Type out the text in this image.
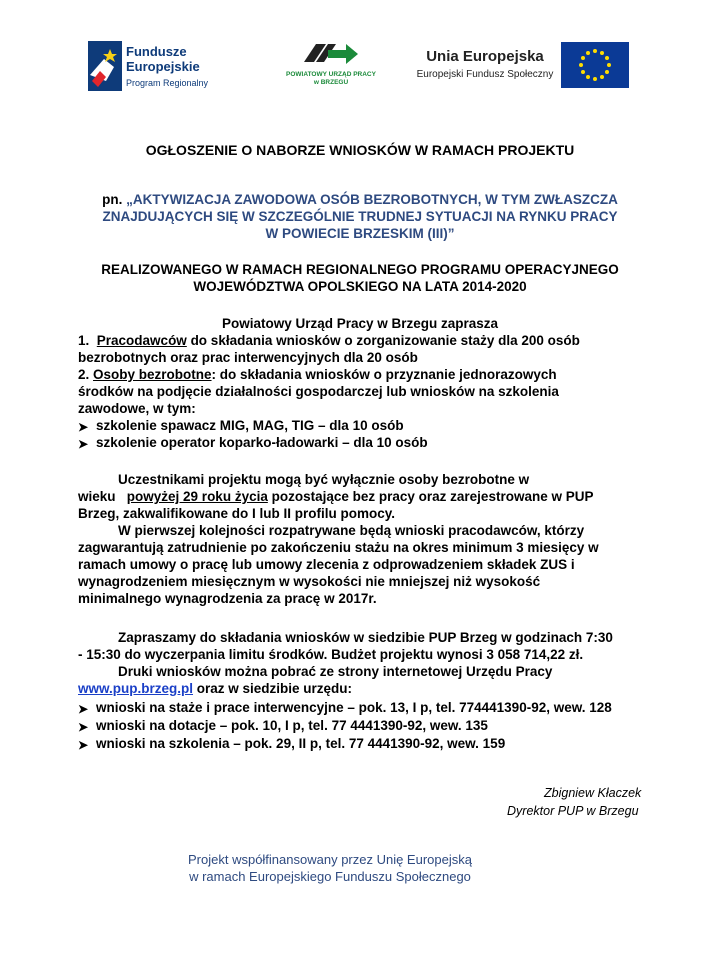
Fundusze
Europejskie
Program Regionalny
POWIATOWY URZĄD PRACY
w BRZEGU
Unia Europejska
Europejski Fundusz Społeczny
OGŁOSZENIE O NABORZE WNIOSKÓW W RAMACH PROJEKTU
pn. „AKTYWIZACJA ZAWODOWA OSÓB BEZROBOTNYCH, W TYM ZWŁASZCZA
ZNAJDUJĄCYCH SIĘ W SZCZEGÓLNIE TRUDNEJ SYTUACJI NA RYNKU PRACY
W POWIECIE BRZESKIM (III)”
REALIZOWANEGO W RAMACH REGIONALNEGO PROGRAMU OPERACYJNEGO
WOJEWÓDZTWA OPOLSKIEGO NA LATA 2014-2020
Powiatowy Urząd Pracy w Brzegu zaprasza
1. Pracodawców do składania wniosków o zorganizowanie staży dla 200 osób
bezrobotnych oraz prac interwencyjnych dla 20 osób
2. Osoby bezrobotne: do składania wniosków o przyznanie jednorazowych
środków na podjęcie działalności gospodarczej lub wniosków na szkolenia
zawodowe, w tym:
➤ szkolenie spawacz MIG, MAG, TIG – dla 10 osób
➤ szkolenie operator koparko-ładowarki – dla 10 osób
Uczestnikami projektu mogą być wyłącznie osoby bezrobotne w
wieku powyżej 29 roku życia pozostające bez pracy oraz zarejestrowane w PUP
Brzeg, zakwalifikowane do I lub II profilu pomocy.
W pierwszej kolejności rozpatrywane będą wnioski pracodawców, którzy
zagwarantują zatrudnienie po zakończeniu stażu na okres minimum 3 miesięcy w
ramach umowy o pracę lub umowy zlecenia z odprowadzeniem składek ZUS i
wynagrodzeniem miesięcznym w wysokości nie mniejszej niż wysokość
minimalnego wynagrodzenia za pracę w 2017r.
Zapraszamy do składania wniosków w siedzibie PUP Brzeg w godzinach 7:30
- 15:30 do wyczerpania limitu środków. Budżet projektu wynosi 3 058 714,22 zł.
Druki wniosków można pobrać ze strony internetowej Urzędu Pracy
www.pup.brzeg.pl oraz w siedzibie urzędu:
➤ wnioski na staże i prace interwencyjne – pok. 13, I p, tel. 774441390-92, wew. 128
➤ wnioski na dotacje – pok. 10, I p, tel. 77 4441390-92, wew. 135
➤ wnioski na szkolenia – pok. 29, II p, tel. 77 4441390-92, wew. 159
Zbigniew Kłaczek
Dyrektor PUP w Brzegu
Projekt współfinansowany przez Unię Europejską
w ramach Europejskiego Funduszu Społecznego
